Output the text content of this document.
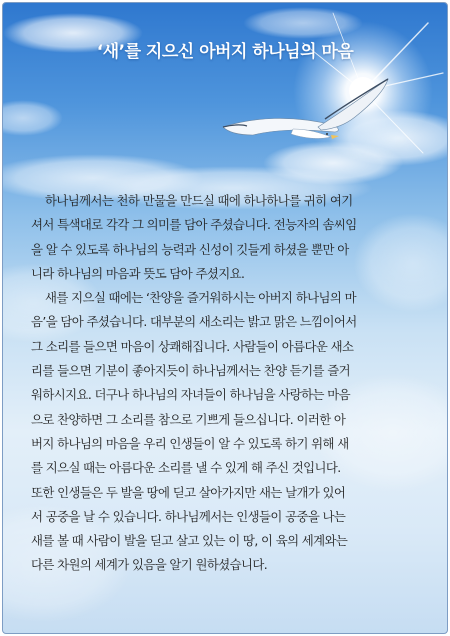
‘새’를 지으신 아버지 하나님의 마음
하나님께서는 천하 만물을 만드실 때에 하나하나를 귀히 여기
셔서 특색대로 각각 그 의미를 담아 주셨습니다. 전능자의 솜씨임
을 알 수 있도록 하나님의 능력과 신성이 깃들게 하셨을 뿐만 아
니라 하나님의 마음과 뜻도 담아 주셨지요.
새를 지으실 때에는 ‘찬양을 즐거워하시는 아버지 하나님의 마
음’을 담아 주셨습니다. 대부분의 새소리는 밝고 맑은 느낌이어서
그 소리를 들으면 마음이 상쾌해집니다. 사람들이 아름다운 새소
리를 들으면 기분이 좋아지듯이 하나님께서는 찬양 듣기를 즐거
워하시지요. 더구나 하나님의 자녀들이 하나님을 사랑하는 마음
으로 찬양하면 그 소리를 참으로 기쁘게 들으십니다. 이러한 아
버지 하나님의 마음을 우리 인생들이 알 수 있도록 하기 위해 새
를 지으실 때는 아름다운 소리를 낼 수 있게 해 주신 것입니다.
또한 인생들은 두 발을 땅에 딛고 살아가지만 새는 날개가 있어
서 공중을 날 수 있습니다. 하나님께서는 인생들이 공중을 나는
새를 볼 때 사람이 발을 딛고 살고 있는 이 땅, 이 육의 세계와는
다른 차원의 세계가 있음을 알기 원하셨습니다.
